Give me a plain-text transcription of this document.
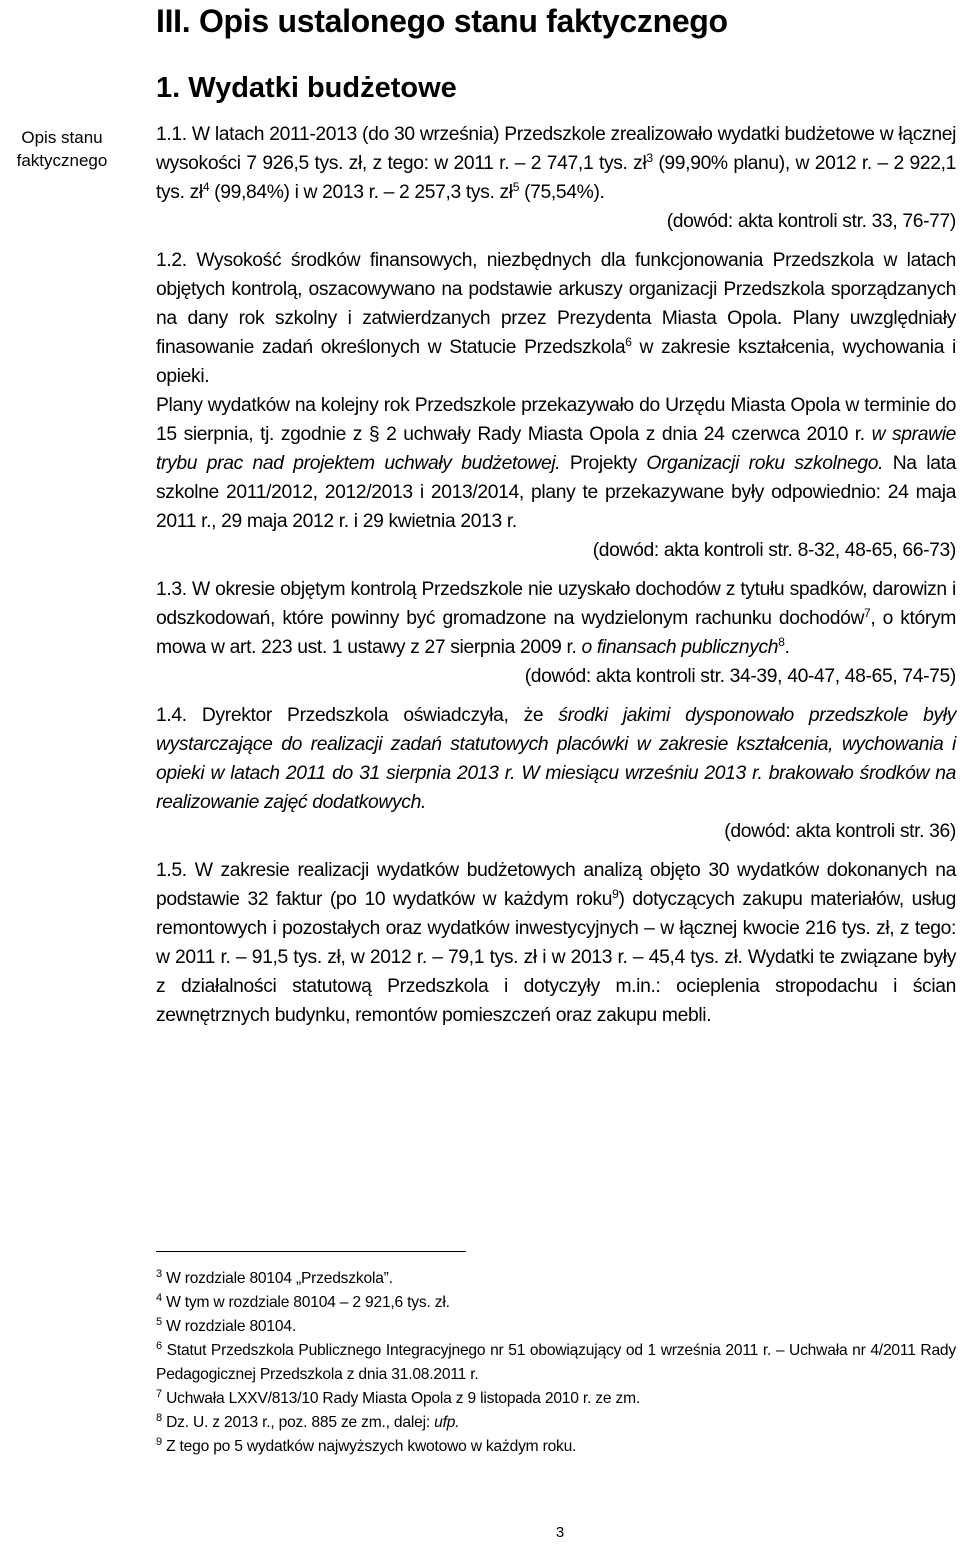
III. Opis ustalonego stanu faktycznego
1. Wydatki budżetowe
Opis stanu
faktycznego

1.1. W latach 2011-2013 (do 30 września) Przedszkole zrealizowało wydatki budżetowe w łącznej wysokości 7 926,5 tys. zł, z tego: w 2011 r. – 2 747,1 tys. $zł^3$ (99,90% planu), w 2012 r. – 2 922,1 tys. $zł^4$ (99,84%) i w 2013 r. – 2 257,3 tys. $zł^5$ (75,54%).

(dowód: akta kontroli str. 33, 76-77)

1.2. Wysokość środków finansowych, niezbędnych dla funkcjonowania Przedszkola w latach objętych kontrolą, oszacowywano na podstawie arkuszy organizacji Przedszkola sporządzanych na dany rok szkolny i zatwierdzanych przez Prezydenta Miasta Opola. Plany uwzględniały finasowanie zadań określonych w Statucie Przedszkola$^6$ w zakresie kształcenia, wychowania i opieki.

Plany wydatków na kolejny rok Przedszkole przekazywało do Urzędu Miasta Opola w terminie do 15 sierpnia, tj. zgodnie z § 2 uchwały Rady Miasta Opola z dnia 24 czerwca 2010 r. w sprawie trybu prac nad projektem uchwały budżetowej. Projekty Organizacji roku szkolnego. Na lata szkolne 2011/2012, 2012/2013 i 2013/2014, plany te przekazywane były odpowiednio: 24 maja 2011 r., 29 maja 2012 r. i 29 kwietnia 2013 r.

(dowód: akta kontroli str. 8-32, 48-65, 66-73)

1.3. W okresie objętym kontrolą Przedszkole nie uzyskało dochodów z tytułu spadków, darowizn i odszkodowań, które powinny być gromadzone na wydzielonym rachunku dochodów$^7$, o którym mowa w art. 223 ust. 1 ustawy z 27 sierpnia 2009 r. o finansach publicznych$^8$.

(dowód: akta kontroli str. 34-39, 40-47, 48-65, 74-75)

1.4. Dyrektor Przedszkola oświadczyła, że środki jakimi dysponowało przedszkole były wystarczające do realizacji zadań statutowych placówki w zakresie kształcenia, wychowania i opieki w latach 2011 do 31 sierpnia 2013 r. W miesiącu wrześniu 2013 r. brakowało środków na realizowanie zajęć dodatkowych.

(dowód: akta kontroli str. 36)

1.5. W zakresie realizacji wydatków budżetowych analizą objęto 30 wydatków dokonanych na podstawie 32 faktur (po 10 wydatków w każdym roku$^9$) dotyczących zakupu materiałów, usług remontowych i pozostałych oraz wydatków inwestycyjnych – w łącznej kwocie 216 tys. zł, z tego: w 2011 r. – 91,5 tys. zł, w 2012 r. – 79,1 tys. zł i w 2013 r. – 45,4 tys. zł. Wydatki te związane były z działalności statutową Przedszkola i dotyczyły m.in.: ocieplenia stropodachu i ścian zewnętrznych budynku, remontów pomieszczeń oraz zakupu mebli.

$^3$ W rozdziale 80104 „Przedszkola”.

$^4$ W tym w rozdziale 80104 – 2 921,6 tys. zł.

$^5$ W rozdziale 80104.

$^6$ Statut Przedszkola Publicznego Integracyjnego nr 51 obowiązujący od 1 września 2011 r. – Uchwała nr 4/2011 Rady Pedagogicznej Przedszkola z dnia 31.08.2011 r.

$^7$ Uchwała LXXV/813/10 Rady Miasta Opola z 9 listopada 2010 r. ze zm.

$^8$ Dz. U. z 2013 r., poz. 885 ze zm., dalej: ufp.

$^9$ Z tego po 5 wydatków najwyższych kwotowo w każdym roku.

3
